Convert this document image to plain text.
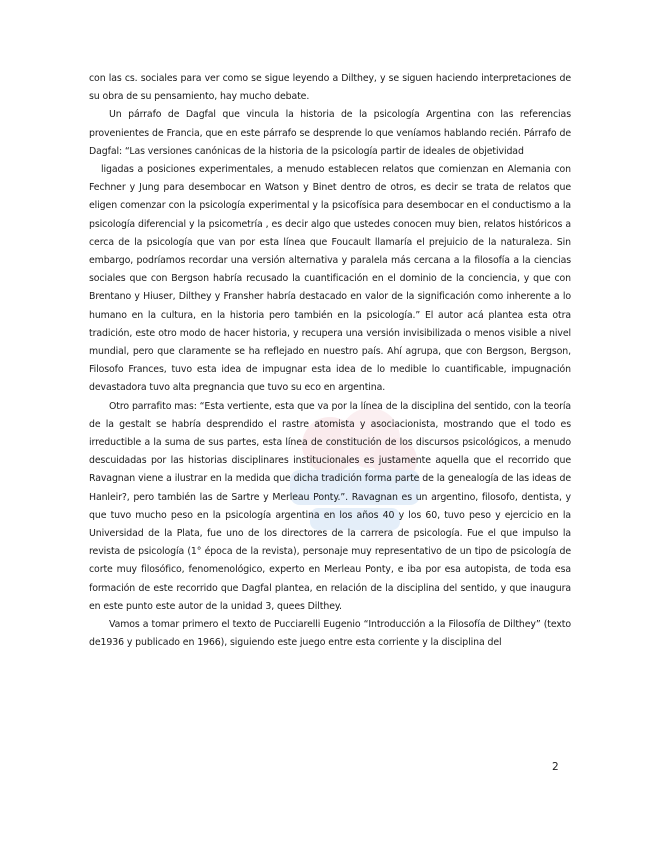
con las cs. sociales para ver como se sigue leyendo a Dilthey, y se siguen haciendo interpretaciones de su obra de su pensamiento, hay mucho debate.

Un párrafo de Dagfal que vincula la historia de la psicología Argentina con las referencias provenientes de Francia, que en este párrafo se desprende lo que veníamos hablando recién. Párrafo de Dagfal: “Las versiones canónicas de la historia de la psicología partir de ideales de objetividad

ligadas a posiciones experimentales, a menudo establecen relatos que comienzan en Alemania con Fechner y Jung para desembocar en Watson y Binet dentro de otros, es decir se trata de relatos que eligen comenzar con la psicología experimental y la psicofísica para desembocar en el conductismo a la psicología diferencial y la psicometría , es decir algo que ustedes conocen muy bien, relatos históricos a cerca de la psicología que van por esta línea que Foucault llamaría el prejuicio de la naturaleza. Sin embargo, podríamos recordar una versión alternativa y paralela más cercana a la filosofía a la ciencias sociales que con Bergson habría recusado la cuantificación en el dominio de la conciencia, y que con Brentano y Hiuser, Dilthey y Fransher habría destacado en valor de la significación como inherente a lo humano en la cultura, en la historia pero también en la psicología.” El autor acá plantea esta otra tradición, este otro modo de hacer historia, y recupera una versión invisibilizada o menos visible a nivel mundial, pero que claramente se ha reflejado en nuestro país. Ahí agrupa, que con Bergson, Bergson, Filosofo Frances, tuvo esta idea de impugnar esta idea de lo medible lo cuantificable, impugnación devastadora tuvo alta pregnancia que tuvo su eco en argentina.

Otro parrafito mas: “Esta vertiente, esta que va por la línea de la disciplina del sentido, con la teoría de la gestalt se habría desprendido el rastre atomista y asociacionista, mostrando que el todo es irreductible a la suma de sus partes, esta línea de constitución de los discursos psicológicos, a menudo descuidadas por las historias disciplinares institucionales es justamente aquella que el recorrido que Ravagnan viene a ilustrar en la medida que dicha tradición forma parte de la genealogía de las ideas de Hanleir?, pero también las de Sartre y Merleau Ponty.”. Ravagnan es un argentino, filosofo, dentista, y que tuvo mucho peso en la psicología argentina en los años 40 y los 60, tuvo peso y ejercicio en la Universidad de la Plata, fue uno de los directores de la carrera de psicología. Fue el que impulso la revista de psicología (1° época de la revista), personaje muy representativo de un tipo de psicología de corte muy filosófico, fenomenológico, experto en Merleau Ponty, e iba por esa autopista, de toda esa formación de este recorrido que Dagfal plantea, en relación de la disciplina del sentido, y que inaugura en este punto este autor de la unidad 3, quees Dilthey.

Vamos a tomar primero el texto de Pucciarelli Eugenio “Introducción a la Filosofía de Dilthey” (texto de1936 y publicado en 1966), siguiendo este juego entre esta corriente y la disciplina del

2
